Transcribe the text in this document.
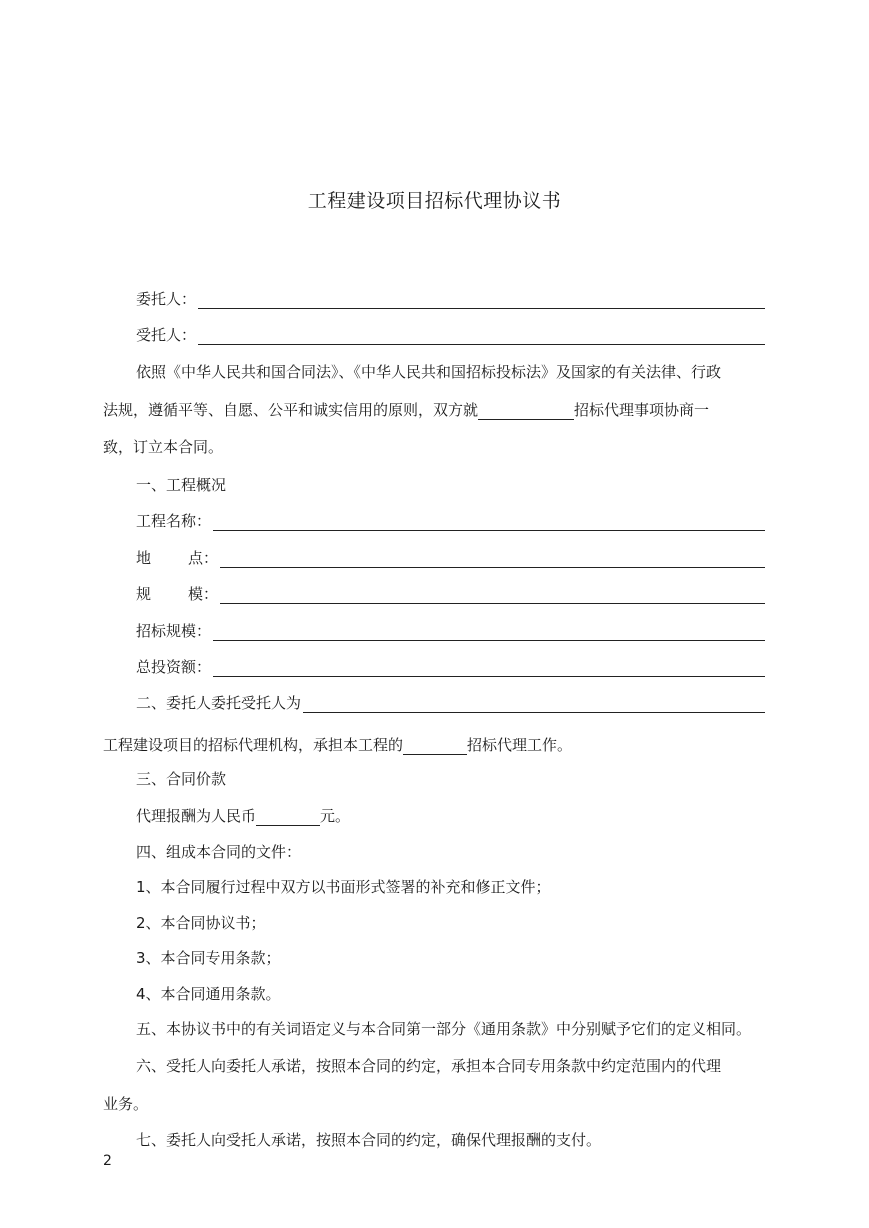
工程建设项目招标代理协议书
委托人：
受托人：
依照《中华人民共和国合同法》、《中华人民共和国招标投标法》及国家的有关法律、行政
法规，遵循平等、自愿、公平和诚实信用的原则，双方就	招标代理事项协商一
致，订立本合同。
一、工程概况
工程名称：
地 点：
规 模：
招标规模：
总投资额：
二、委托人委托受托人为
工程建设项目的招标代理机构，承担本工程的	招标代理工作。
三、合同价款
代理报酬为人民币	元。
四、组成本合同的文件：
1、本合同履行过程中双方以书面形式签署的补充和修正文件；
2、本合同协议书；
3、本合同专用条款；
4、本合同通用条款。
五、本协议书中的有关词语定义与本合同第一部分《通用条款》中分别赋予它们的定义相同。
六、受托人向委托人承诺，按照本合同的约定，承担本合同专用条款中约定范围内的代理
业务。
七、委托人向受托人承诺，按照本合同的约定，确保代理报酬的支付。
2
